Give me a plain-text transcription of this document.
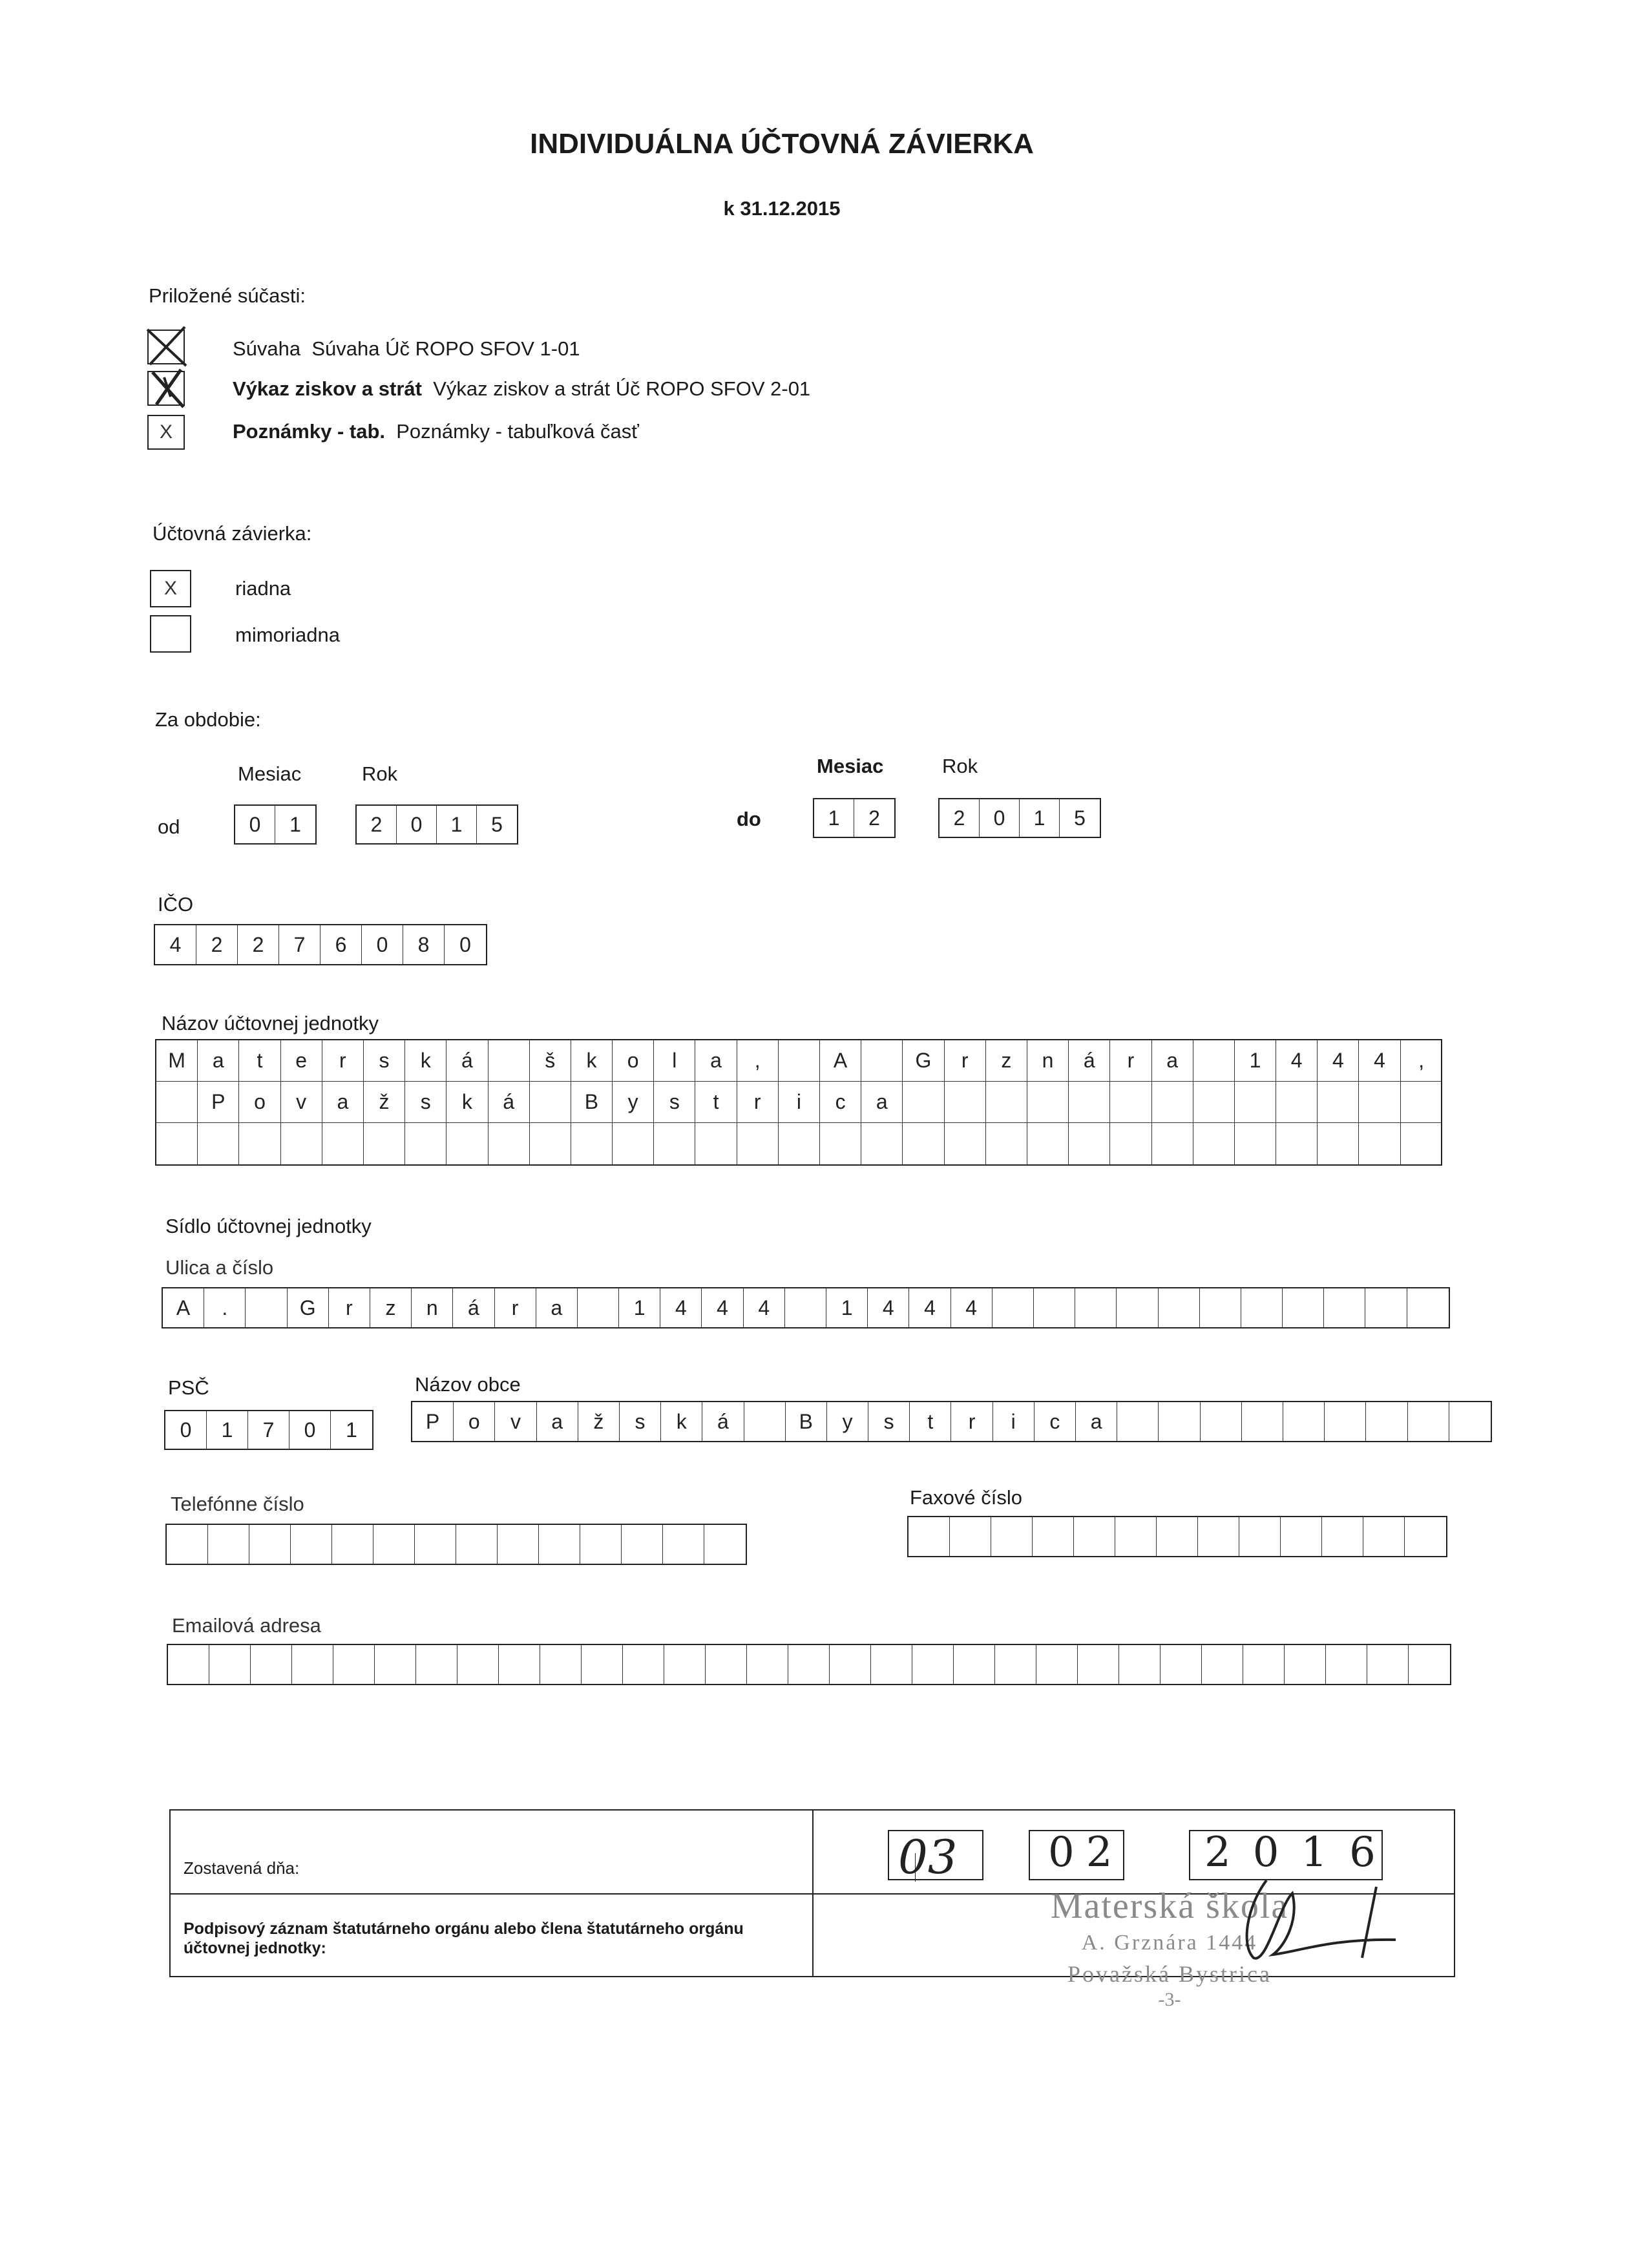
INDIVIDUÁLNA ÚČTOVNÁ ZÁVIERKA
k 31.12.2015
Priložené súčasti:
Súvaha Súvaha Úč ROPO SFOV 1-01
Výkaz ziskov a strát Výkaz ziskov a strát Úč ROPO SFOV 2-01
X	Poznámky - tab. Poznámky - tabuľková časť
Účtovná závierka:
X	riadna
mimoriadna
Za obdobie:
Mesiac	Rok
od	0	1	2	0	1	5
Mesiac	Rok
do	1	2	2	0	1	5
IČO
4	2	2	7	6	0	8	0
Názov účtovnej jednotky
M	a	t	e	r	s	k	á	š	k	o	l	a	,	A	G	r	z	n	á	r	a	1	4	4	4	,
P	o	v	a	ž	s	k	á	B	y	s	t	r	i	c	a
Sídlo účtovnej jednotky
Ulica a číslo
A	.	G	r	z	n	á	r	a	1	4	4	4	1	4	4	4
PSČ
0	1	7	0	1
Názov obce
P	o	v	a	ž	s	k	á	B	y	s	t	r	i	c	a
Telefónne číslo	Faxové číslo
Emailová adresa
Zostavená dňa:	03 02 2016
Podpisový záznam štatutárneho orgánu alebo člena štatutárneho orgánu účtovnej jednotky:
Materská škola
A. Grznára 1444
Považská Bystrica
-3-
